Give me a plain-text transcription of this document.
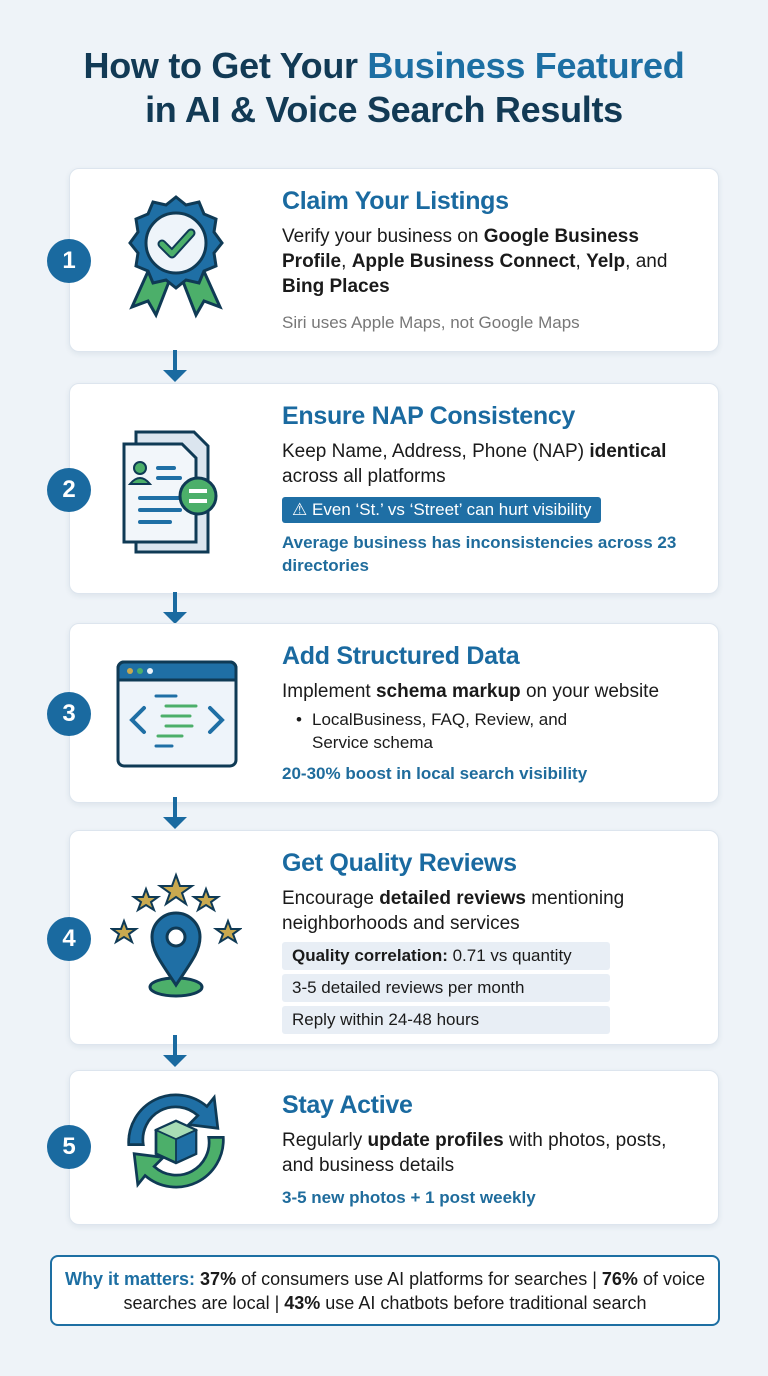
How to Get Your Business Featured
in AI & Voice Search Results
1
Claim Your Listings
Verify your business on Google Business Profile, Apple Business Connect, Yelp, and Bing Places
Siri uses Apple Maps, not Google Maps
2
Ensure NAP Consistency
Keep Name, Address, Phone (NAP) identical across all platforms
⚠ Even ‘St.’ vs ‘Street’ can hurt visibility
Average business has inconsistencies across 23 directories
3
Add Structured Data
Implement schema markup on your website
• LocalBusiness, FAQ, Review, and Service schema
20-30% boost in local search visibility
4
Get Quality Reviews
Encourage detailed reviews mentioning neighborhoods and services
Quality correlation: 0.71 vs quantity
3-5 detailed reviews per month
Reply within 24-48 hours
5
Stay Active
Regularly update profiles with photos, posts, and business details
3-5 new photos + 1 post weekly
Why it matters: 37% of consumers use AI platforms for searches | 76% of voice searches are local | 43% use AI chatbots before traditional search
